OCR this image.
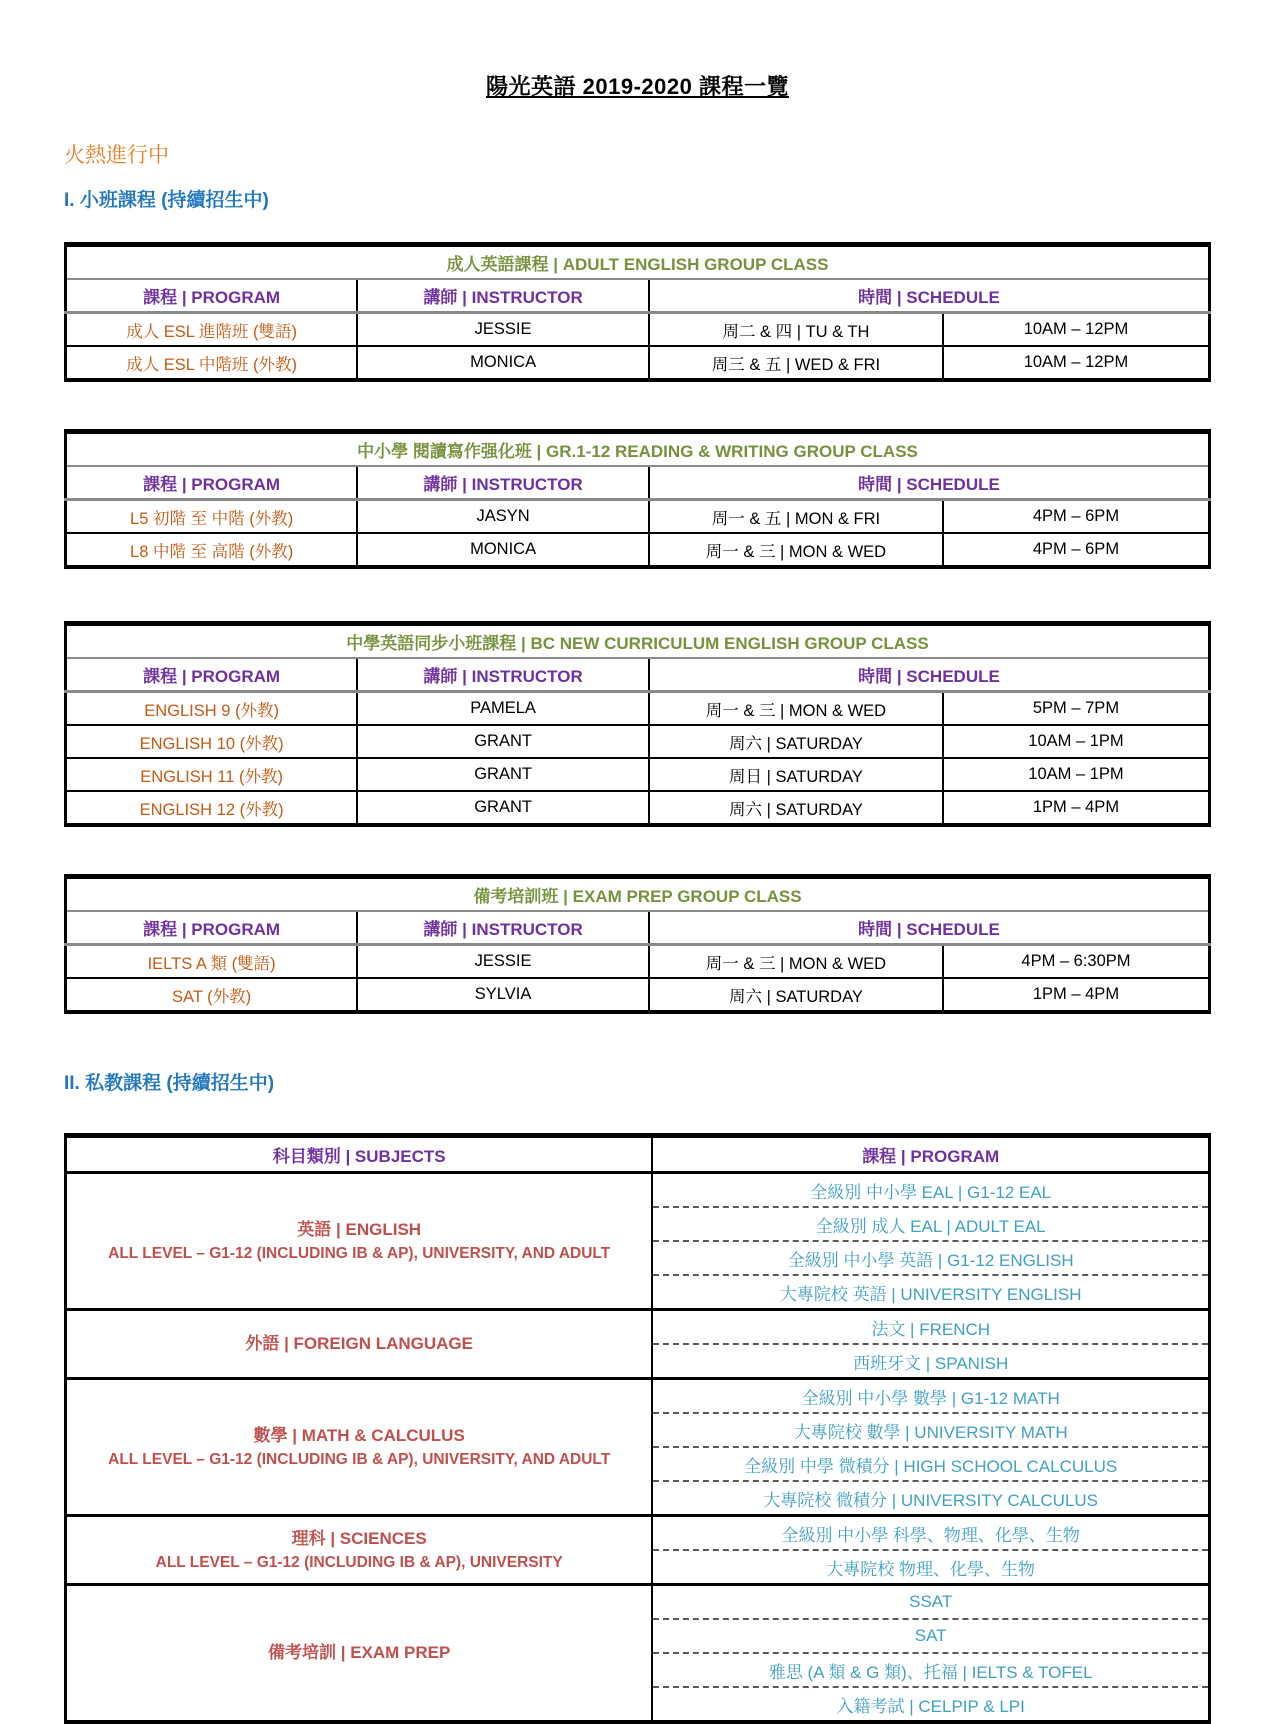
陽光英語 2019-2020 課程一覽
火熱進行中
I. 小班課程 (持續招生中)
成人英語課程 | ADULT ENGLISH GROUP CLASS			
課程 | PROGRAM	講師 | INSTRUCTOR	時間 | SCHEDULE	
成人 ESL 進階班 (雙語)	JESSIE	周二 & 四 | TU & TH	10AM – 12PM
成人 ESL 中階班 (外教)	MONICA	周三 & 五 | WED & FRI	10AM – 12PM
中小學 閱讀寫作强化班 | GR.1-12 READING & WRITING GROUP CLASS			
課程 | PROGRAM	講師 | INSTRUCTOR	時間 | SCHEDULE	
L5 初階 至 中階 (外教)	JASYN	周一 & 五 | MON & FRI	4PM – 6PM
L8 中階 至 高階 (外教)	MONICA	周一 & 三 | MON & WED	4PM – 6PM
中學英語同步小班課程 | BC NEW CURRICULUM ENGLISH GROUP CLASS			
課程 | PROGRAM	講師 | INSTRUCTOR	時間 | SCHEDULE	
ENGLISH 9 (外教)	PAMELA	周一 & 三 | MON & WED	5PM – 7PM
ENGLISH 10 (外教)	GRANT	周六 | SATURDAY	10AM – 1PM
ENGLISH 11 (外教)	GRANT	周日 | SATURDAY	10AM – 1PM
ENGLISH 12 (外教)	GRANT	周六 | SATURDAY	1PM – 4PM
備考培訓班 | EXAM PREP GROUP CLASS			
課程 | PROGRAM	講師 | INSTRUCTOR	時間 | SCHEDULE	
IELTS A 類 (雙語)	JESSIE	周一 & 三 | MON & WED	4PM – 6:30PM
SAT (外教)	SYLVIA	周六 | SATURDAY	1PM – 4PM
II. 私教課程 (持續招生中)
科目類別 | SUBJECTS	課程 | PROGRAM

英語 | ENGLISH
ALL LEVEL – G1-12 (INCLUDING IB & AP), UNIVERSITY, AND ADULT	全級別 中小學 EAL | G1-12 EAL
	全級別 成人 EAL | ADULT EAL
	全級別 中小學 英語 | G1-12 ENGLISH
	大專院校 英語 | UNIVERSITY ENGLISH

外語 | FOREIGN LANGUAGE	法文 | FRENCH
	西班牙文 | SPANISH

數學 | MATH & CALCULUS
ALL LEVEL – G1-12 (INCLUDING IB & AP), UNIVERSITY, AND ADULT	全級別 中小學 數學 | G1-12 MATH
	大專院校 數學 | UNIVERSITY MATH
	全級別 中學 微積分 | HIGH SCHOOL CALCULUS
	大專院校 微積分 | UNIVERSITY CALCULUS

理科 | SCIENCES
ALL LEVEL – G1-12 (INCLUDING IB & AP), UNIVERSITY	全級別 中小學 科學、物理、化學、生物
	大專院校 物理、化學、生物

備考培訓 | EXAM PREP	SSAT
	SAT
	雅思 (A 類 & G 類)、托福 | IELTS & TOFEL
	入籍考試 | CELPIP & LPI
